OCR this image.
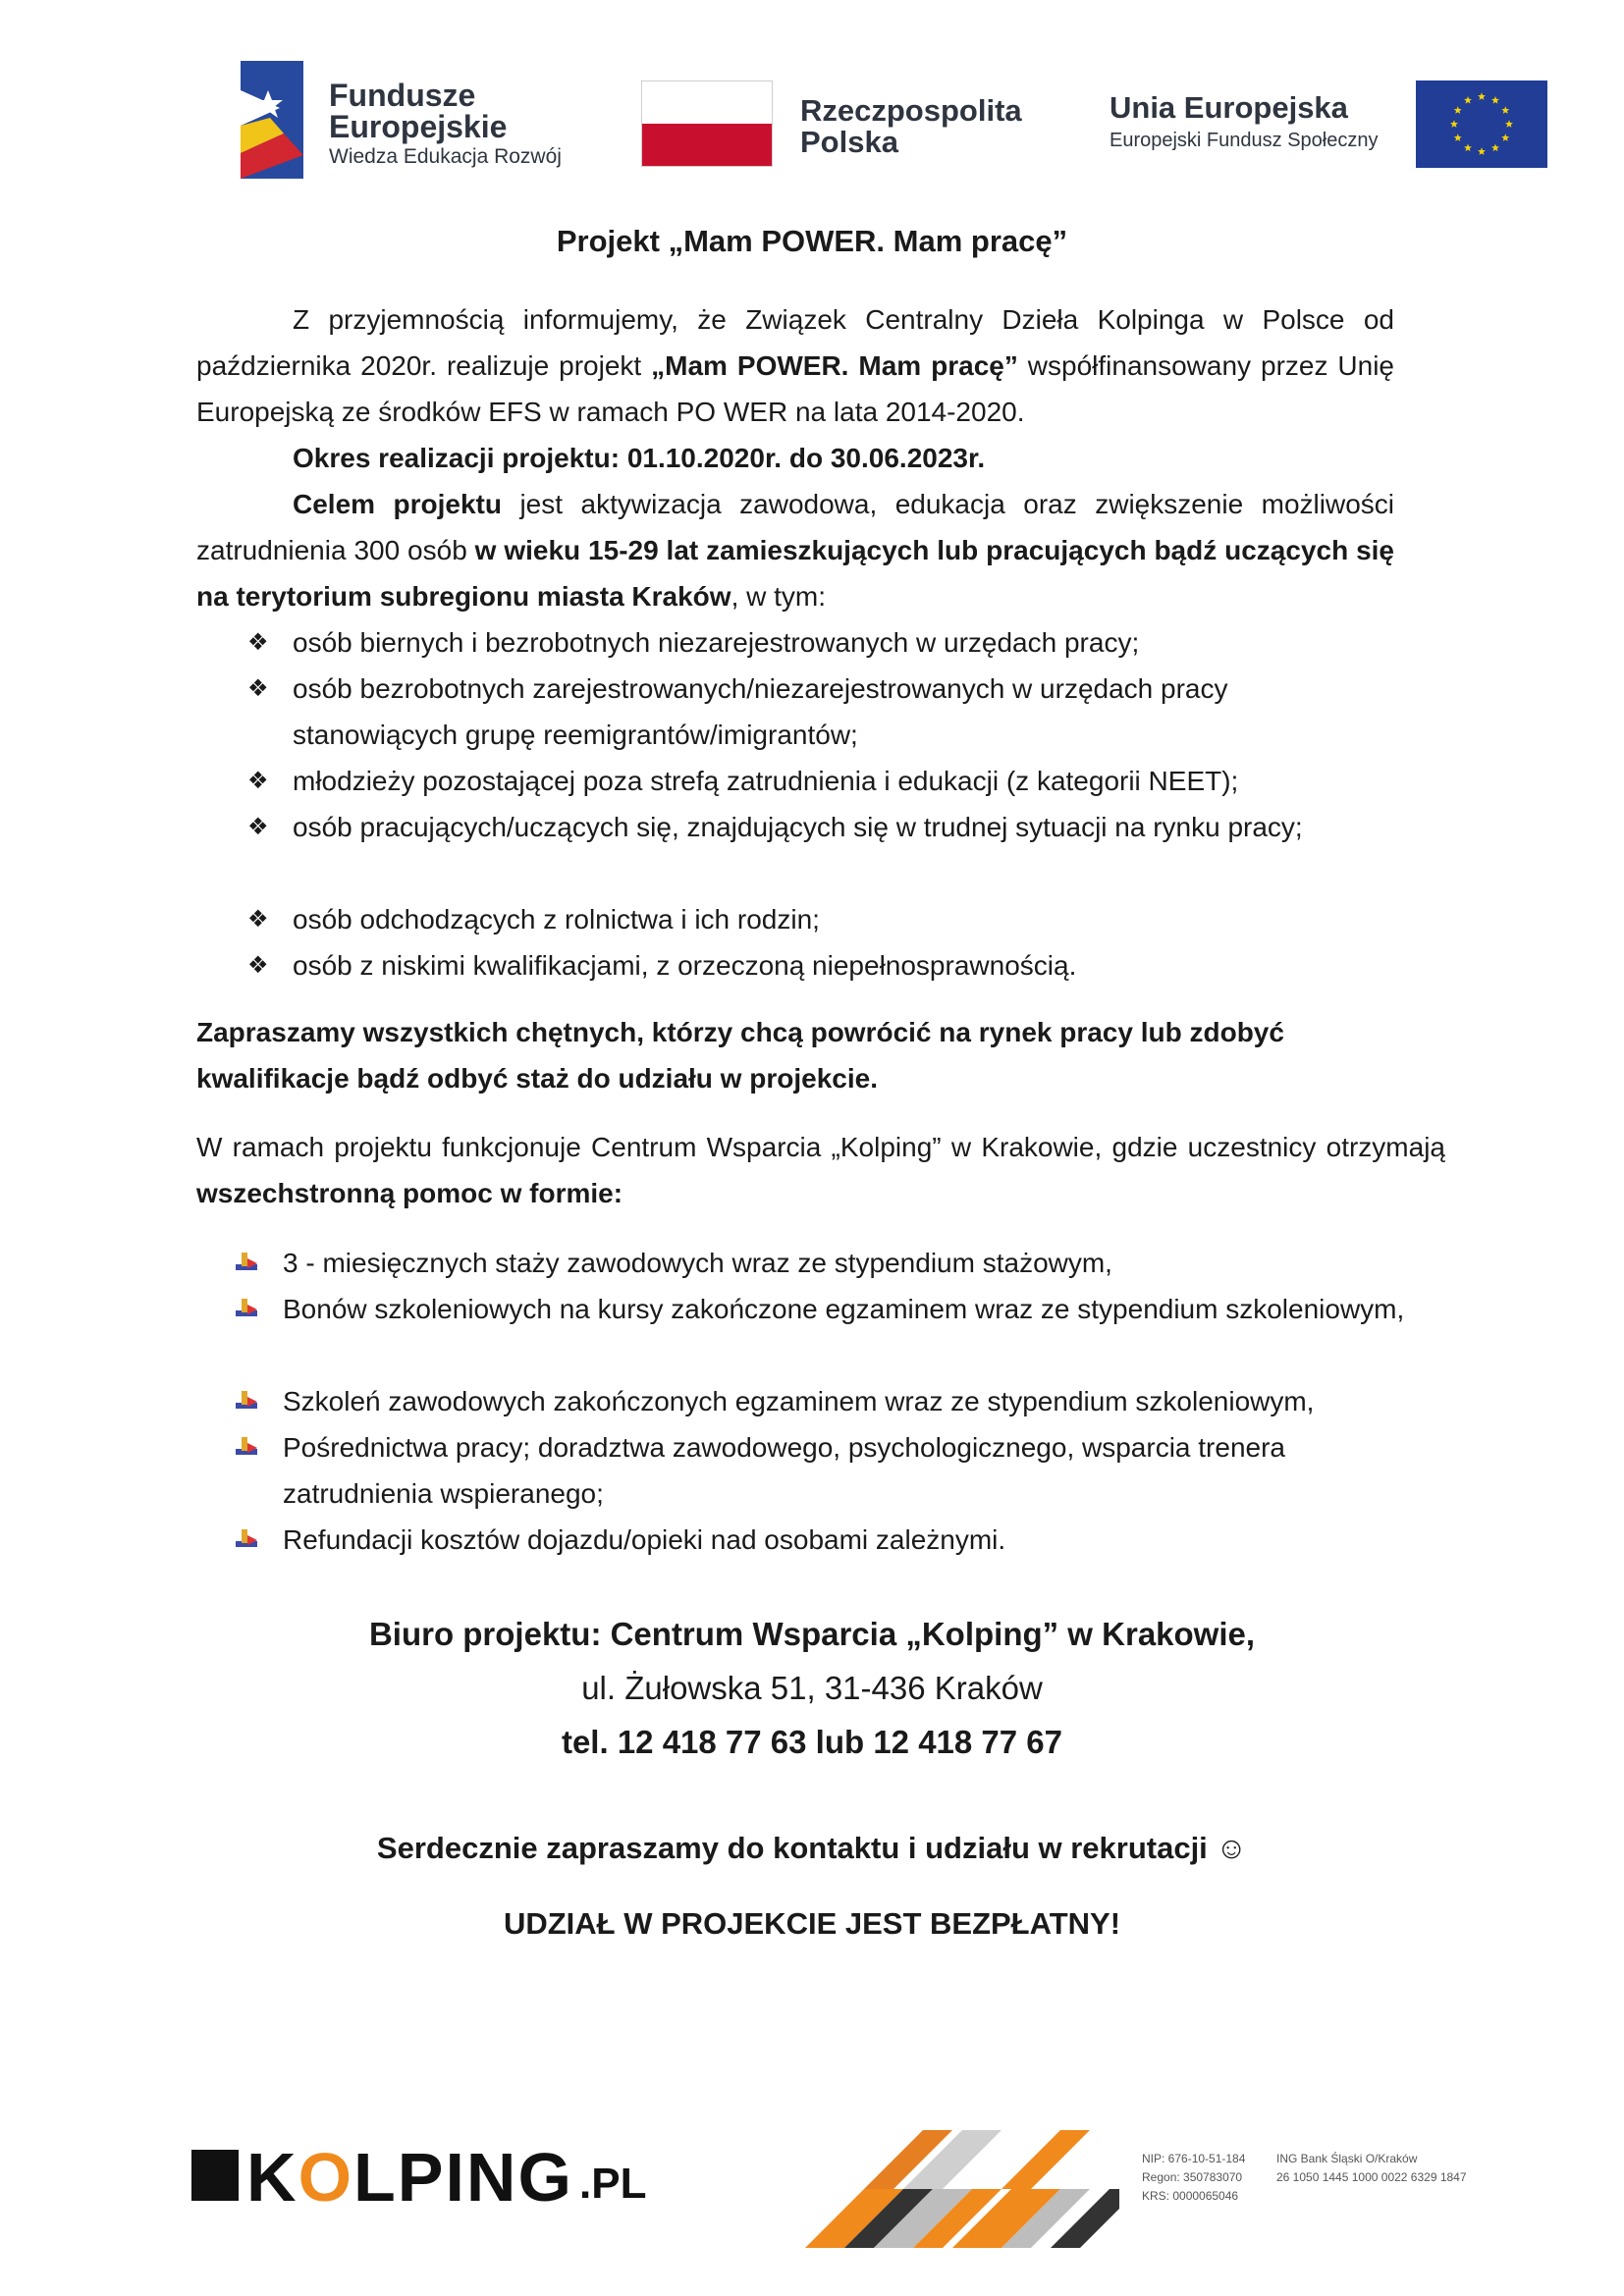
Fundusze
Europejskie
Wiedza Edukacja Rozwój
Rzeczpospolita
Polska
Unia Europejska
Europejski Fundusz Społeczny
Projekt „Mam POWER. Mam pracę”
Z przyjemnością informujemy, że Związek Centralny Dzieła Kolpinga w Polsce od października 2020r. realizuje projekt „Mam POWER. Mam pracę” współfinansowany przez Unię Europejską ze środków EFS w ramach PO WER na lata 2014-2020.
Okres realizacji projektu: 01.10.2020r. do 30.06.2023r.
Celem projektu jest aktywizacja zawodowa, edukacja oraz zwiększenie możliwości zatrudnienia 300 osób w wieku 15-29 lat zamieszkujących lub pracujących bądź uczących się na terytorium subregionu miasta Kraków, w tym:
❖ osób biernych i bezrobotnych niezarejestrowanych w urzędach pracy;
❖ osób bezrobotnych zarejestrowanych/niezarejestrowanych w urzędach pracy stanowiących grupę reemigrantów/imigrantów;
❖ młodzieży pozostającej poza strefą zatrudnienia i edukacji (z kategorii NEET);
❖ osób pracujących/uczących się, znajdujących się w trudnej sytuacji na rynku pracy;
❖ osób odchodzących z rolnictwa i ich rodzin;
❖ osób z niskimi kwalifikacjami, z orzeczoną niepełnosprawnością.
Zapraszamy wszystkich chętnych, którzy chcą powrócić na rynek pracy lub zdobyć kwalifikacje bądź odbyć staż do udziału w projekcie.
W ramach projektu funkcjonuje Centrum Wsparcia „Kolping” w Krakowie, gdzie uczestnicy otrzymają wszechstronną pomoc w formie:
3 - miesięcznych staży zawodowych wraz ze stypendium stażowym,
Bonów szkoleniowych na kursy zakończone egzaminem wraz ze stypendium szkoleniowym,
Szkoleń zawodowych zakończonych egzaminem wraz ze stypendium szkoleniowym,
Pośrednictwa pracy; doradztwa zawodowego, psychologicznego, wsparcia trenera zatrudnienia wspieranego;
Refundacji kosztów dojazdu/opieki nad osobami zależnymi.
Biuro projektu: Centrum Wsparcia „Kolping” w Krakowie,
ul. Żułowska 51, 31-436 Kraków
tel. 12 418 77 63 lub 12 418 77 67
Serdecznie zapraszamy do kontaktu i udziału w rekrutacji ☺
UDZIAŁ W PROJEKCIE JEST BEZPŁATNY!
KOLPING .PL
NIP: 676-10-51-184
Regon: 350783070
KRS: 0000065046
ING Bank Śląski O/Kraków
26 1050 1445 1000 0022 6329 1847
